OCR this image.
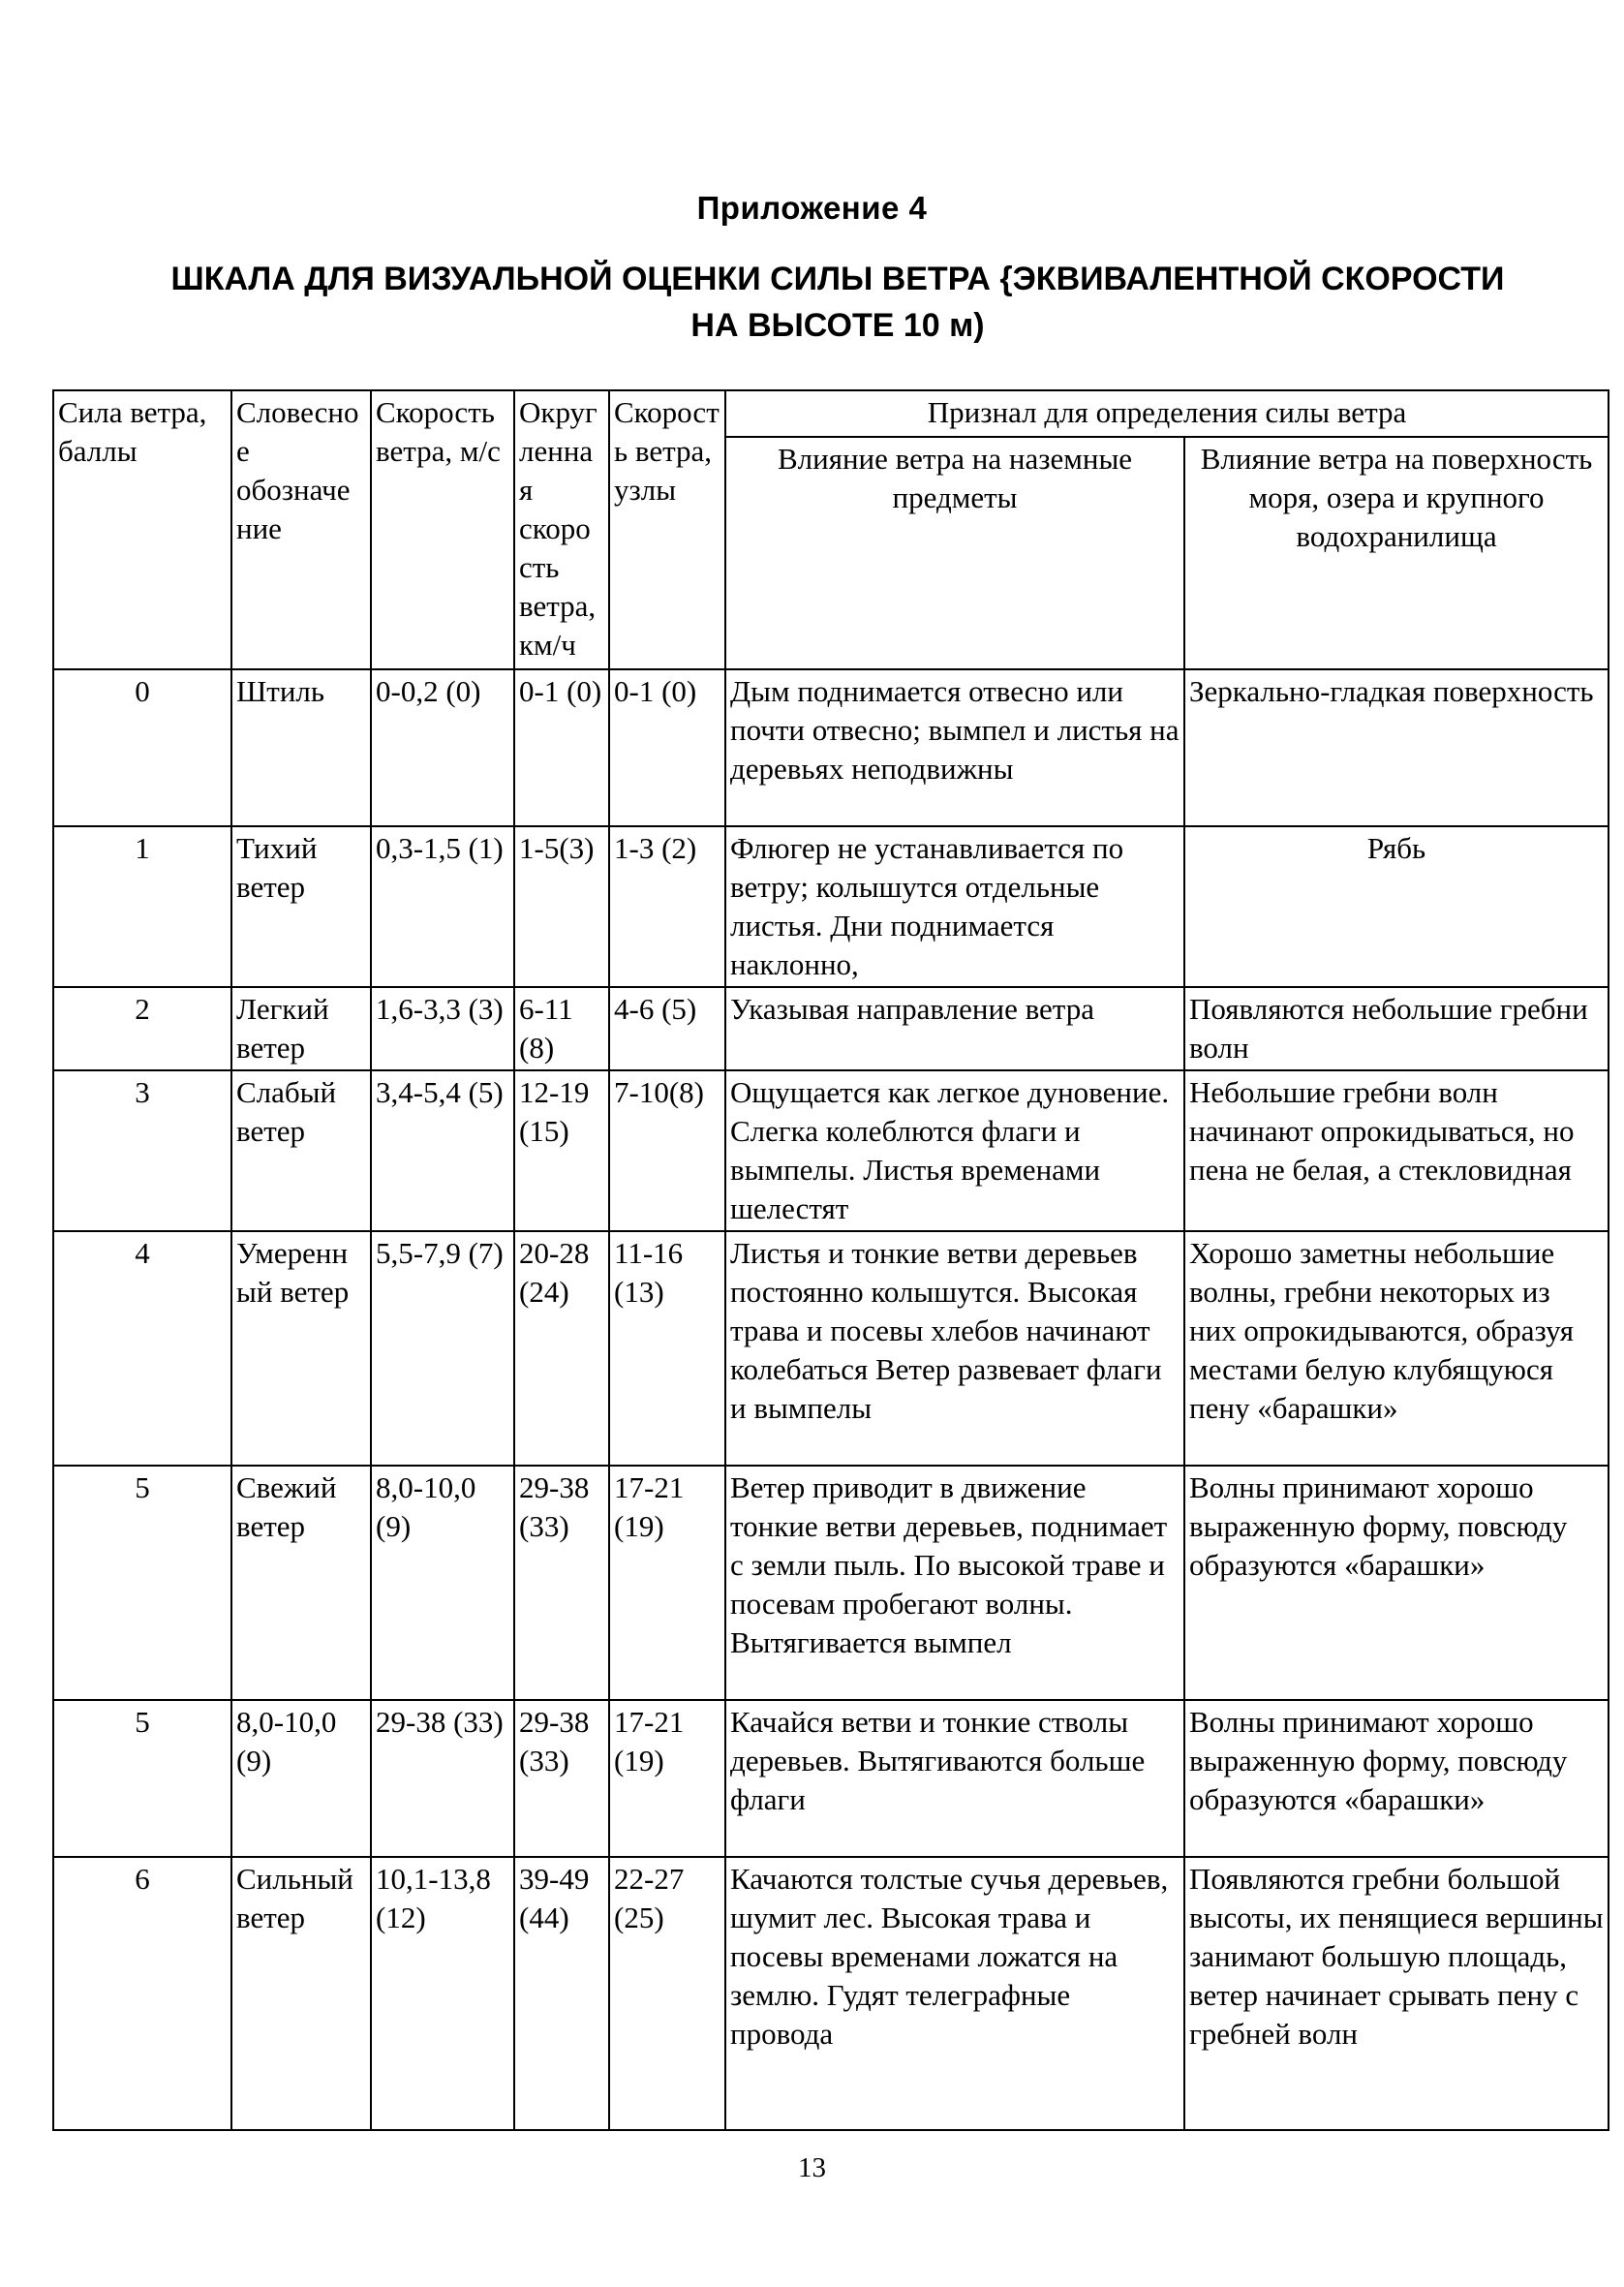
Приложение 4
ШКАЛА ДЛЯ ВИЗУАЛЬНОЙ ОЦЕНКИ СИЛЫ ВЕТРА {ЭКВИВАЛЕНТНОЙ СКОРОСТИ НА ВЫСОТЕ 10 м)
Сила ветра, баллы	Словесное обозначение	Скорость ветра, м/с	Округленная скорость ветра, км/ч	Скорость ветра, узлы	Признал для определения силы ветра	
					Влияние ветра на наземные предметы	Влияние ветра на поверхность моря, озера и крупного водохранилища
0	Штиль	0-0,2 (0)	0-1 (0)	0-1 (0)	Дым поднимается отвесно или почти отвесно; вымпел и листья на деревьях неподвижны	Зеркально-гладкая поверхность
1	Тихий ветер	0,3-1,5 (1)	1-5(3)	1-3 (2)	Флюгер не устанавливается по ветру; колышутся отдельные листья. Дни поднимается наклонно,	Рябь
2	Легкий ветер	1,6-3,3 (3)	6-11 (8)	4-6 (5)	Указывая направление ветра	Появляются небольшие гребни волн
3	Слабый ветер	3,4-5,4 (5)	12-19 (15)	7-10(8)	Ощущается как легкое дуновение. Слегка колеблются флаги и вымпелы. Листья временами шелестят	Небольшие гребни волн начинают опрокидываться, но пена не белая, а стекловидная
4	Умеренный ветер	5,5-7,9 (7)	20-28 (24)	11-16 (13)	Листья и тонкие ветви деревьев постоянно колышутся. Высокая трава и посевы хлебов начинают колебаться Ветер развевает флаги и вымпелы	Хорошо заметны небольшие волны, гребни некоторых из них опрокидываются, образуя местами белую клубящуюся пену «барашки»
5	Свежий ветер	8,0-10,0 (9)	29-38 (33)	17-21 (19)	Ветер приводит в движение тонкие ветви деревьев, поднимает с земли пыль. По высокой траве и посевам пробегают волны. Вытягивается вымпел	Волны принимают хорошо выраженную форму, повсюду образуются «барашки»
5	8,0-10,0 (9)	29-38 (33)	29-38 (33)	17-21 (19)	Качайся ветви и тонкие стволы деревьев. Вытягиваются больше флаги	Волны принимают хорошо выраженную форму, повсюду образуются «барашки»
6	Сильный ветер	10,1-13,8 (12)	39-49 (44)	22-27 (25)	Качаются толстые сучья деревьев, шумит лес. Высокая трава и посевы временами ложатся на землю. Гудят телеграфные провода	Появляются гребни большой высоты, их пенящиеся вершины занимают большую площадь, ветер начинает срывать пену с гребней волн
13
